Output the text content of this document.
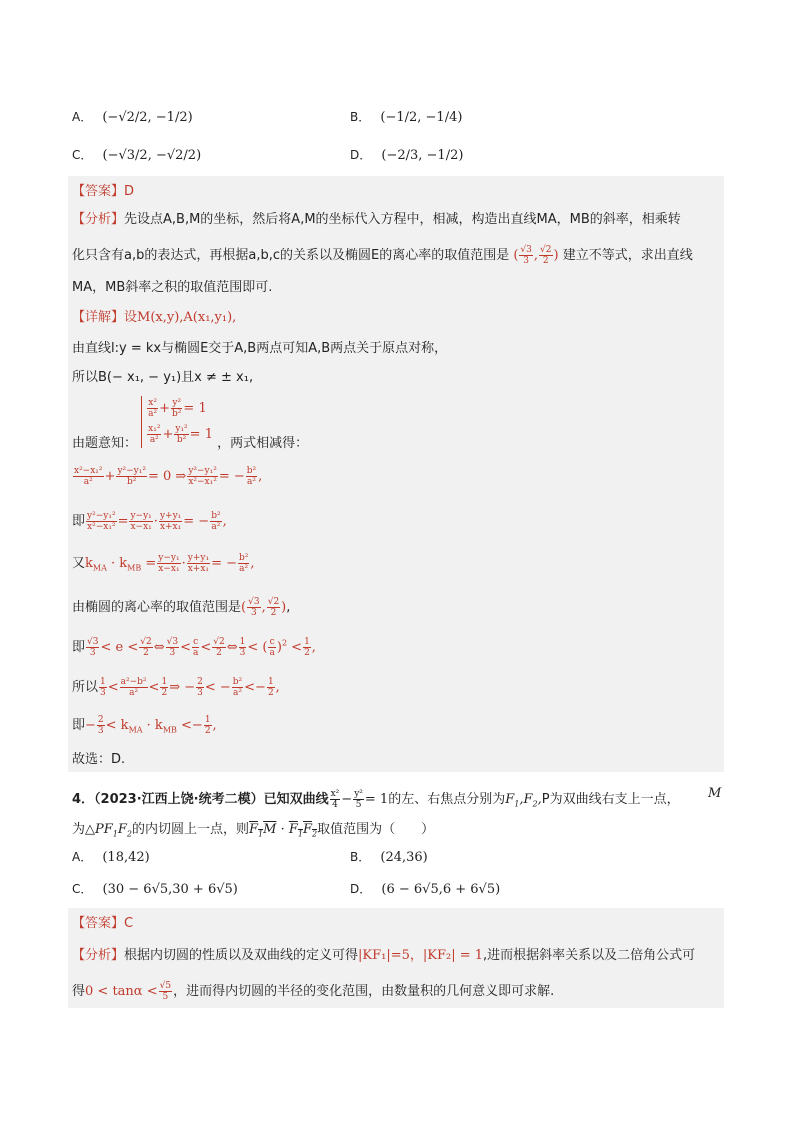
A． (−√2/2, −1/2)	B． (−1/2, −1/4)
C． (−√3/2, −√2/2)	D． (−2/3, −1/2)
【答案】D
【分析】先设点A,B,M的坐标，然后将A,M的坐标代入方程中，相减，构造出直线MA，MB的斜率，相乘转
化只含有a,b的表达式，再根据a,b,c的关系以及椭圆E的离心率的取值范围是 ( $\frac{√3}{3}$ , $\frac{√2}{2}$ ) 建立不等式，求出直线
MA，MB斜率之积的取值范围即可.
【详解】设M(x,y),A(x₁,y₁),
由直线l:y = kx与椭圆E交于A,B两点可知A,B两点关于原点对称，
所以B(− x₁, − y₁)且x ≠ ± x₁,
由题意知：
$\frac{\text{x²}}{\text{a²}} + \frac{\text{y²}}{\text{b²}} = 1$

$\frac{\text{x₁²}}{\text{a²}} + \frac{\text{y₁²}}{\text{b²}} = 1$ ，两式相减得：
$\frac{\text{x²−x₁²}}{\text{a²}} + \frac{\text{y²−y₁²}}{\text{b²}} = 0$ ⇒ $\frac{\text{y²−y₁²}}{\text{x²−x₁²}}$ = − $\frac{\text{b²}}{\text{a²}}$ ,
即 $\frac{\text{y²−y₁²}}{\text{x²−x₁²}} = \frac{\text{y−y₁}}{\text{x−x₁}} \cdot \frac{\text{y+y₁}}{\text{x+x₁}}$ = − $\frac{\text{b²}}{\text{a²}}$ ,
又$k_{MA} \cdot k_{MB} = \frac{\text{y−y₁}}{\text{x−x₁}} \cdot \frac{\text{y+y₁}}{\text{x+x₁}}$ = − $\frac{\text{b²}}{\text{a²}}$ ,
由椭圆的离心率的取值范围是( $\frac{√3}{3}$ , $\frac{√2}{2}$ ),
即 $\frac{√3}{3} < e < \frac{√2}{2}$ ⇔ $\frac{√3}{3} < \frac{c}{a} < \frac{√2}{2}$ ⇔ $\frac{1}{3}$ < ( $\frac{c}{a} )^2 < \frac{1}{2}$ ,
所以 $\frac{1}{3} < \frac{\text{a²−b²}}{\text{a²}} < \frac{1}{2}$ ⇒ − $\frac{2}{3}$ < − $\frac{\text{b²}}{\text{a²}} <- \frac{1}{2}$ ,
即− $\frac{2}{3} < k_{MA} \cdot k_{MB} <- \frac{1}{2}$ ,
故选：D.
4．（2023·江西上饶·统考二模）已知双曲线 $\frac{\text{x²}}{4} - \frac{\text{y²}}{5} = 1$的左、右焦点分别为$F_1,F_2,P$为双曲线右支上一点， M
为$\triangle PF_1F_2$的内切圆上一点，则$F_1M \cdot F_1F_2$取值范围为（　　）
A． (18,42)	B． (24,36)
C． (30 − 6√5,30 + 6√5)	D． (6 − 6√5,6 + 6√5)
【答案】C
【分析】根据内切圆的性质以及双曲线的定义可得|KF₁|=5，|KF₂| = 1,进而根据斜率关系以及二倍角公式可
得$0 < \tan\alpha < \frac{√5}{5}$ ，进而得内切圆的半径的变化范围，由数量积的几何意义即可求解.
